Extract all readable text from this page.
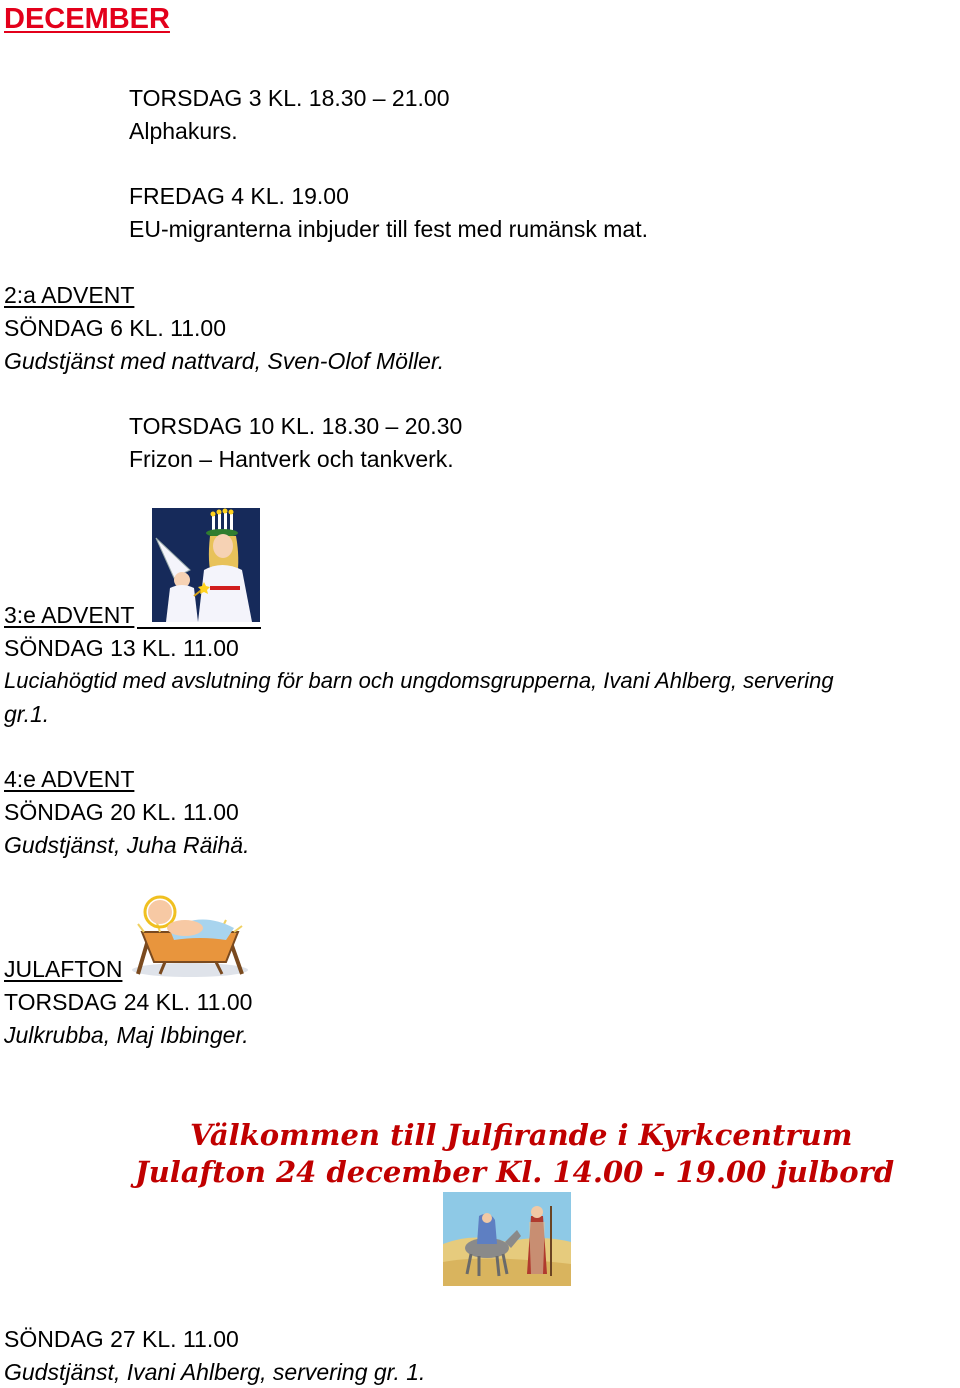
DECEMBER
TORSDAG 3 KL. 18.30 – 21.00
Alphakurs.
FREDAG 4 KL. 19.00
EU-migranterna inbjuder till fest med rumänsk mat.
2:a ADVENT
SÖNDAG 6 KL. 11.00
Gudstjänst med nattvard, Sven-Olof Möller.
TORSDAG 10 KL. 18.30 – 20.30
Frizon – Hantverk och tankverk.
3:e ADVENT
SÖNDAG 13 KL. 11.00
Luciahögtid med avslutning för barn och ungdomsgrupperna, Ivani Ahlberg, servering
gr.1.
4:e ADVENT
SÖNDAG 20 KL. 11.00
Gudstjänst, Juha Räihä.
JULAFTON
TORSDAG 24 KL. 11.00
Julkrubba, Maj Ibbinger.
Välkommen till Julfirande i Kyrkcentrum
Julafton 24 december Kl. 14.00 - 19.00 julbord
SÖNDAG 27 KL. 11.00
Gudstjänst, Ivani Ahlberg, servering gr. 1.
